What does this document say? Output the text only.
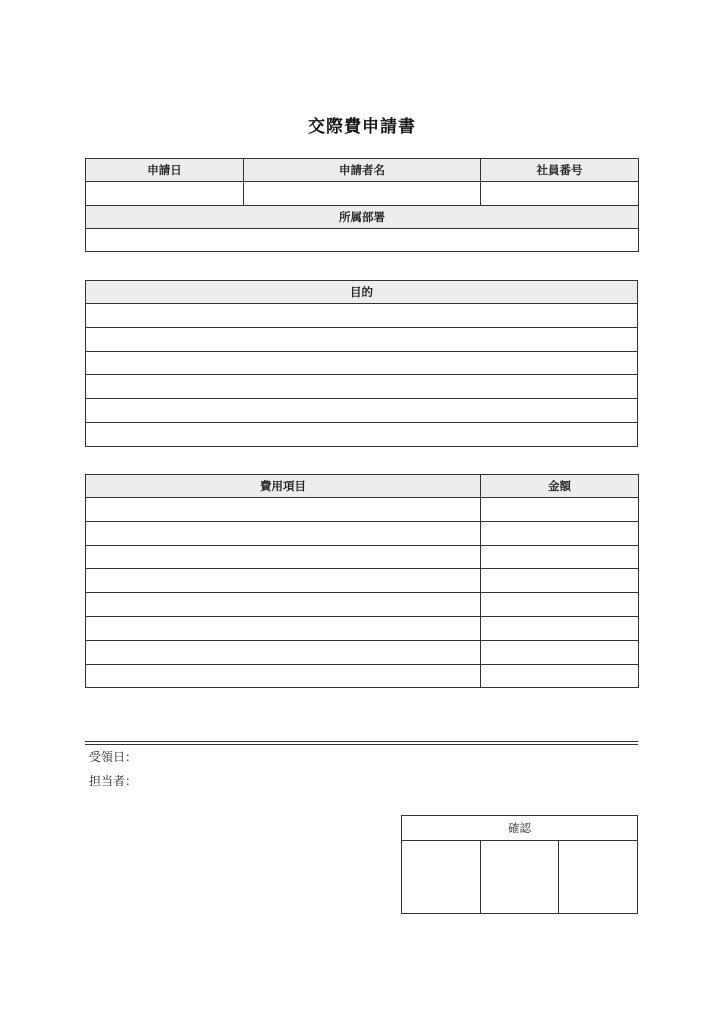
交際費申請書
申請日	申請者名	社員番号

所属部署		

目的

費用項目	金額

受領日：
担当者：
確認
